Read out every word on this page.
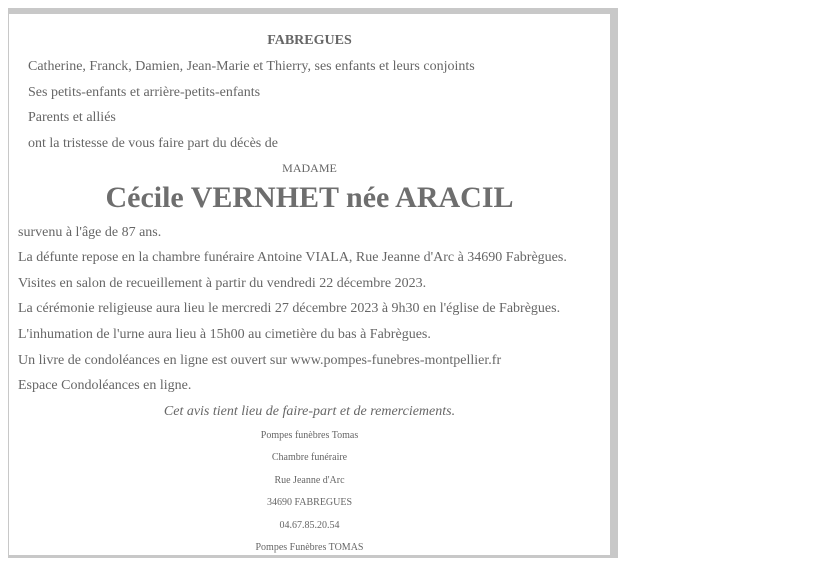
FABREGUES
Catherine, Franck, Damien, Jean-Marie et Thierry, ses enfants et leurs conjoints
Ses petits-enfants et arrière-petits-enfants
Parents et alliés
ont la tristesse de vous faire part du décès de
MADAME
Cécile VERNHET née ARACIL
survenu à l'âge de 87 ans.
La défunte repose en la chambre funéraire Antoine VIALA, Rue Jeanne d'Arc à 34690 Fabrègues.
Visites en salon de recueillement à partir du vendredi 22 décembre 2023.
La cérémonie religieuse aura lieu le mercredi 27 décembre 2023 à 9h30 en l'église de Fabrègues.
L'inhumation de l'urne aura lieu à 15h00 au cimetière du bas à Fabrègues.
Un livre de condoléances en ligne est ouvert sur www.pompes-funebres-montpellier.fr
Espace Condoléances en ligne.
Cet avis tient lieu de faire-part et de remerciements.
Pompes funèbres Tomas
Chambre funéraire
Rue Jeanne d'Arc
34690 FABREGUES
04.67.85.20.54
Pompes Funèbres TOMAS
